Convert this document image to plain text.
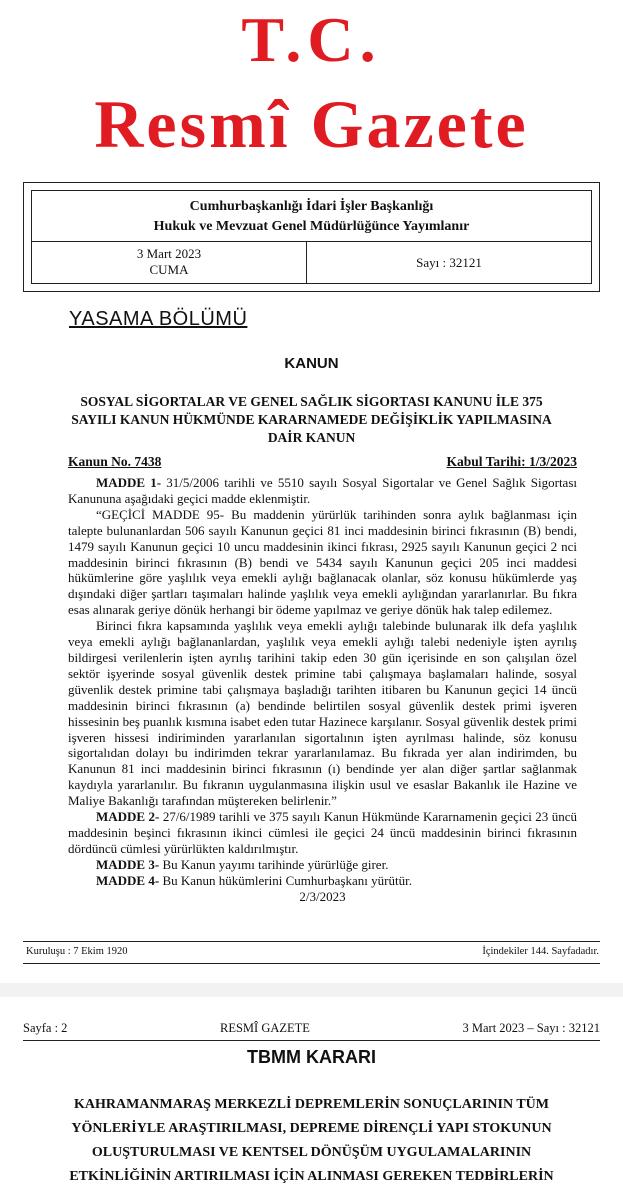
T.C.
Resmî Gazete
Cumhurbaşkanlığı İdari İşler Başkanlığı
Hukuk ve Mevzuat Genel Müdürlüğünce Yayımlanır
3 Mart 2023
CUMA	Sayı : 32121
YASAMA BÖLÜMÜ
KANUN
SOSYAL SİGORTALAR VE GENEL SAĞLIK SİGORTASI KANUNU İLE 375 SAYILI KANUN HÜKMÜNDE KARARNAMEDE DEĞİŞİKLİK YAPILMASINA DAİR KANUN
Kanun No. 7438	Kabul Tarihi: 1/3/2023

MADDE 1- 31/5/2006 tarihli ve 5510 sayılı Sosyal Sigortalar ve Genel Sağlık Sigortası Kanununa aşağıdaki geçici madde eklenmiştir.

“GEÇİCİ MADDE 95- Bu maddenin yürürlük tarihinden sonra aylık bağlanması için talepte bulunanlardan 506 sayılı Kanunun geçici 81 inci maddesinin birinci fıkrasının (B) bendi, 1479 sayılı Kanunun geçici 10 uncu maddesinin ikinci fıkrası, 2925 sayılı Kanunun geçici 2 nci maddesinin birinci fıkrasının (B) bendi ve 5434 sayılı Kanunun geçici 205 inci maddesi hükümlerine göre yaşlılık veya emekli aylığı bağlanacak olanlar, söz konusu hükümlerde yaş dışındaki diğer şartları taşımaları halinde yaşlılık veya emekli aylığından yararlanırlar. Bu fıkra esas alınarak geriye dönük herhangi bir ödeme yapılmaz ve geriye dönük hak talep edilemez.

Birinci fıkra kapsamında yaşlılık veya emekli aylığı talebinde bulunarak ilk defa yaşlılık veya emekli aylığı bağlananlardan, yaşlılık veya emekli aylığı talebi nedeniyle işten ayrılış bildirgesi verilenlerin işten ayrılış tarihini takip eden 30 gün içerisinde en son çalışılan özel sektör işyerinde sosyal güvenlik destek primine tabi çalışmaya başlamaları halinde, sosyal güvenlik destek primine tabi çalışmaya başladığı tarihten itibaren bu Kanunun geçici 14 üncü maddesinin birinci fıkrasının (a) bendinde belirtilen sosyal güvenlik destek primi işveren hissesinin beş puanlık kısmına isabet eden tutar Hazinece karşılanır. Sosyal güvenlik destek primi işveren hissesi indiriminden yararlanılan sigortalının işten ayrılması halinde, söz konusu sigortalıdan dolayı bu indirimden tekrar yararlanılamaz. Bu fıkrada yer alan indirimden, bu Kanunun 81 inci maddesinin birinci fıkrasının (ı) bendinde yer alan diğer şartlar sağlanmak kaydıyla yararlanılır. Bu fıkranın uygulanmasına ilişkin usul ve esaslar Bakanlık ile Hazine ve Maliye Bakanlığı tarafından müştereken belirlenir.”

MADDE 2- 27/6/1989 tarihli ve 375 sayılı Kanun Hükmünde Kararnamenin geçici 23 üncü maddesinin beşinci fıkrasının ikinci cümlesi ile geçici 24 üncü maddesinin birinci fıkrasının dördüncü cümlesi yürürlükten kaldırılmıştır.

MADDE 3- Bu Kanun yayımı tarihinde yürürlüğe girer.

MADDE 4- Bu Kanun hükümlerini Cumhurbaşkanı yürütür.

2/3/2023

Kuruluşu : 7 Ekim 1920	İçindekiler 144. Sayfadadır.
Sayfa : 2	RESMÎ GAZETE	3 Mart 2023 – Sayı : 32121
TBMM KARARI
KAHRAMANMARAŞ MERKEZLİ DEPREMLERİN SONUÇLARININ TÜM
YÖNLERİYLE ARAŞTIRILMASI, DEPREME DİRENÇLİ YAPI STOKUNUN
OLUŞTURULMASI VE KENTSEL DÖNÜŞÜM UYGULAMALARININ
ETKİNLİĞİNİN ARTIRILMASI İÇİN ALINMASI GEREKEN TEDBİRLERİN
